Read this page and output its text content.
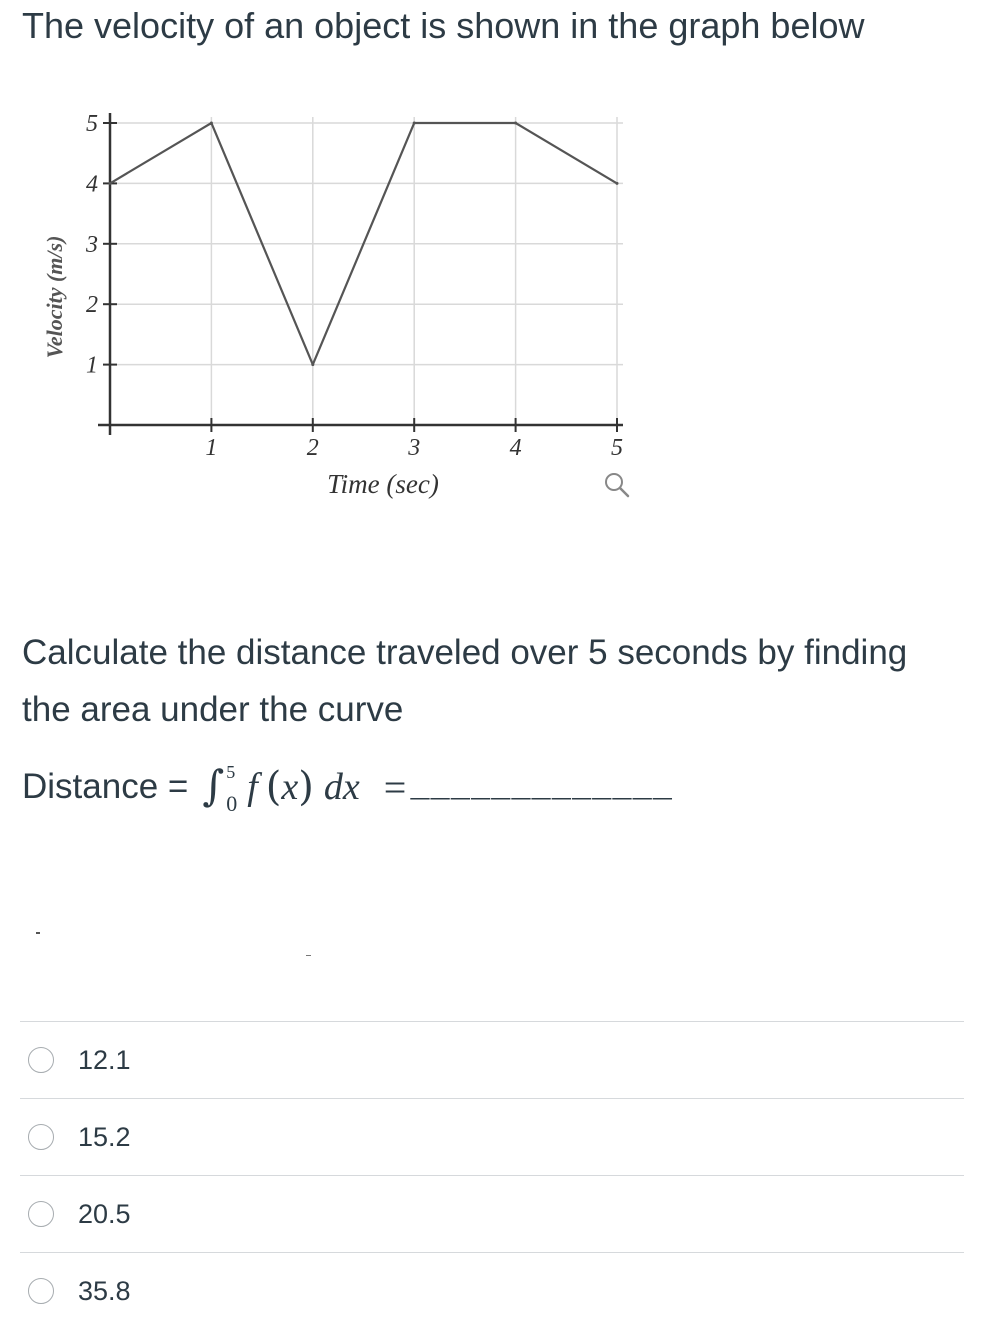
The velocity of an object is shown in the graph below
1	2	3	4	5
1
2
3
4
5
Time (sec)
Velocity (m/s)
Calculate the distance traveled over 5 seconds by finding the area under the curve
Distance = ∫ 5
0 f ( x ) dx = _____________
12.1
15.2
20.5
35.8
